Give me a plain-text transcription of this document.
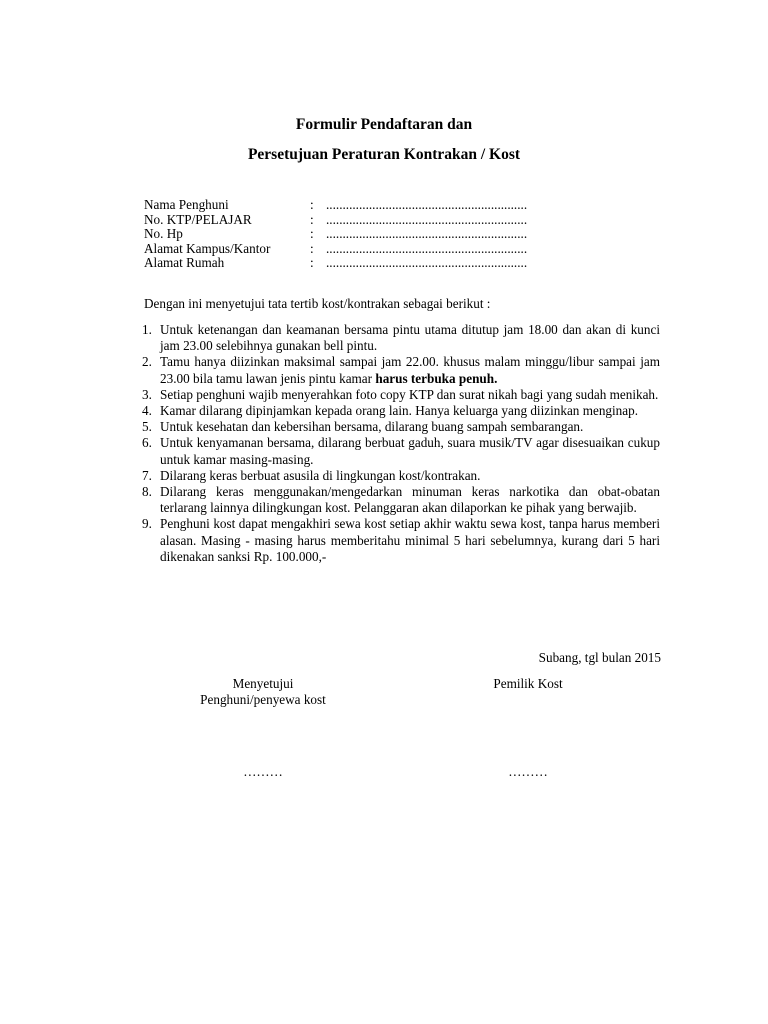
Formulir Pendaftaran dan
Persetujuan Peraturan Kontrakan / Kost
Nama Penghuni	: .............................................................
No. KTP/PELAJAR	: .............................................................
No. Hp	: .............................................................
Alamat Kampus/Kantor	: .............................................................
Alamat Rumah	: .............................................................
Dengan ini menyetujui tata tertib kost/kontrakan sebagai berikut :
1. Untuk ketenangan dan keamanan bersama pintu utama ditutup jam 18.00 dan akan di kunci jam 23.00 selebihnya gunakan bell pintu.
2. Tamu hanya diizinkan maksimal sampai jam 22.00. khusus malam minggu/libur sampai jam 23.00 bila tamu lawan jenis pintu kamar harus terbuka penuh.
3. Setiap penghuni wajib menyerahkan foto copy KTP dan surat nikah bagi yang sudah menikah.
4. Kamar dilarang dipinjamkan kepada orang lain. Hanya keluarga yang diizinkan menginap.
5. Untuk kesehatan dan kebersihan bersama, dilarang buang sampah sembarangan.
6. Untuk kenyamanan bersama, dilarang berbuat gaduh, suara musik/TV agar disesuaikan cukup untuk kamar masing-masing.
7. Dilarang keras berbuat asusila di lingkungan kost/kontrakan.
8. Dilarang keras menggunakan/mengedarkan minuman keras narkotika dan obat-obatan terlarang lainnya dilingkungan kost. Pelanggaran akan dilaporkan ke pihak yang berwajib.
9. Penghuni kost dapat mengakhiri sewa kost setiap akhir waktu sewa kost, tanpa harus memberi alasan. Masing - masing harus memberitahu minimal 5 hari sebelumnya, kurang dari 5 hari dikenakan sanksi Rp. 100.000,-
Subang, tgl bulan 2015
Menyetujui
Penghuni/penyewa kost
Pemilik Kost
………	………
